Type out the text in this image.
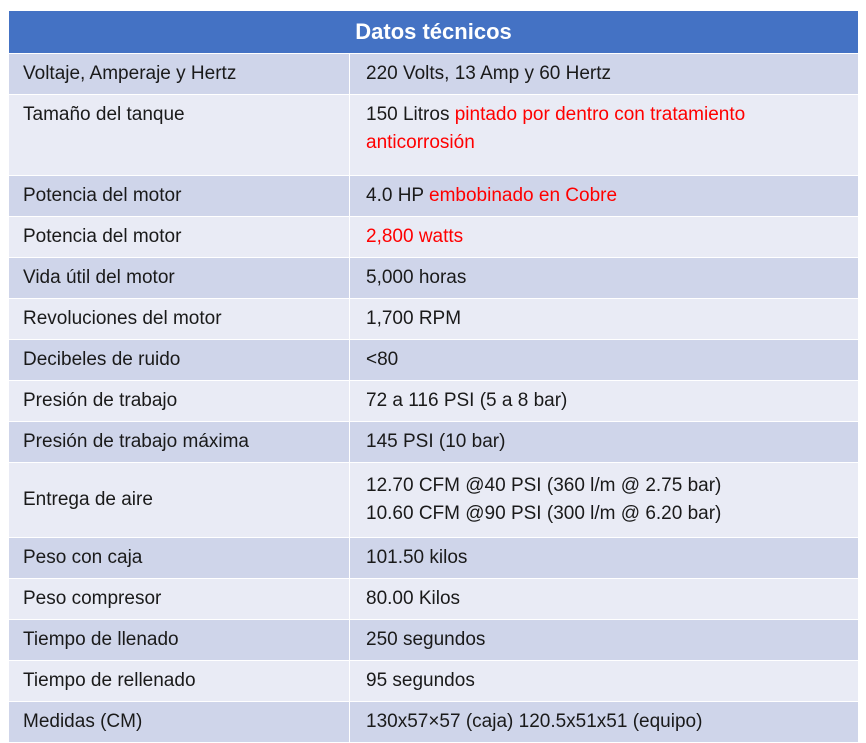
Datos técnicos	
Voltaje, Amperaje y Hertz	220 Volts, 13 Amp y 60 Hertz
Tamaño del tanque	150 Litros pintado por dentro con tratamiento anticorrosión
Potencia del motor	4.0 HP embobinado en Cobre
Potencia del motor	2,800 watts
Vida útil del motor	5,000 horas
Revoluciones del motor	1,700 RPM
Decibeles de ruido	<80
Presión de trabajo	72 a 116 PSI (5 a 8 bar)
Presión de trabajo máxima	145 PSI (10 bar)
Entrega de aire	12.70 CFM @40 PSI (360 l/m @ 2.75 bar)
10.60 CFM @90 PSI (300 l/m @ 6.20 bar)

Peso con caja	101.50 kilos
Peso compresor	80.00 Kilos
Tiempo de llenado	250 segundos
Tiempo de rellenado	95 segundos
Medidas (CM)	130x57×57 (caja) 120.5x51x51 (equipo)
